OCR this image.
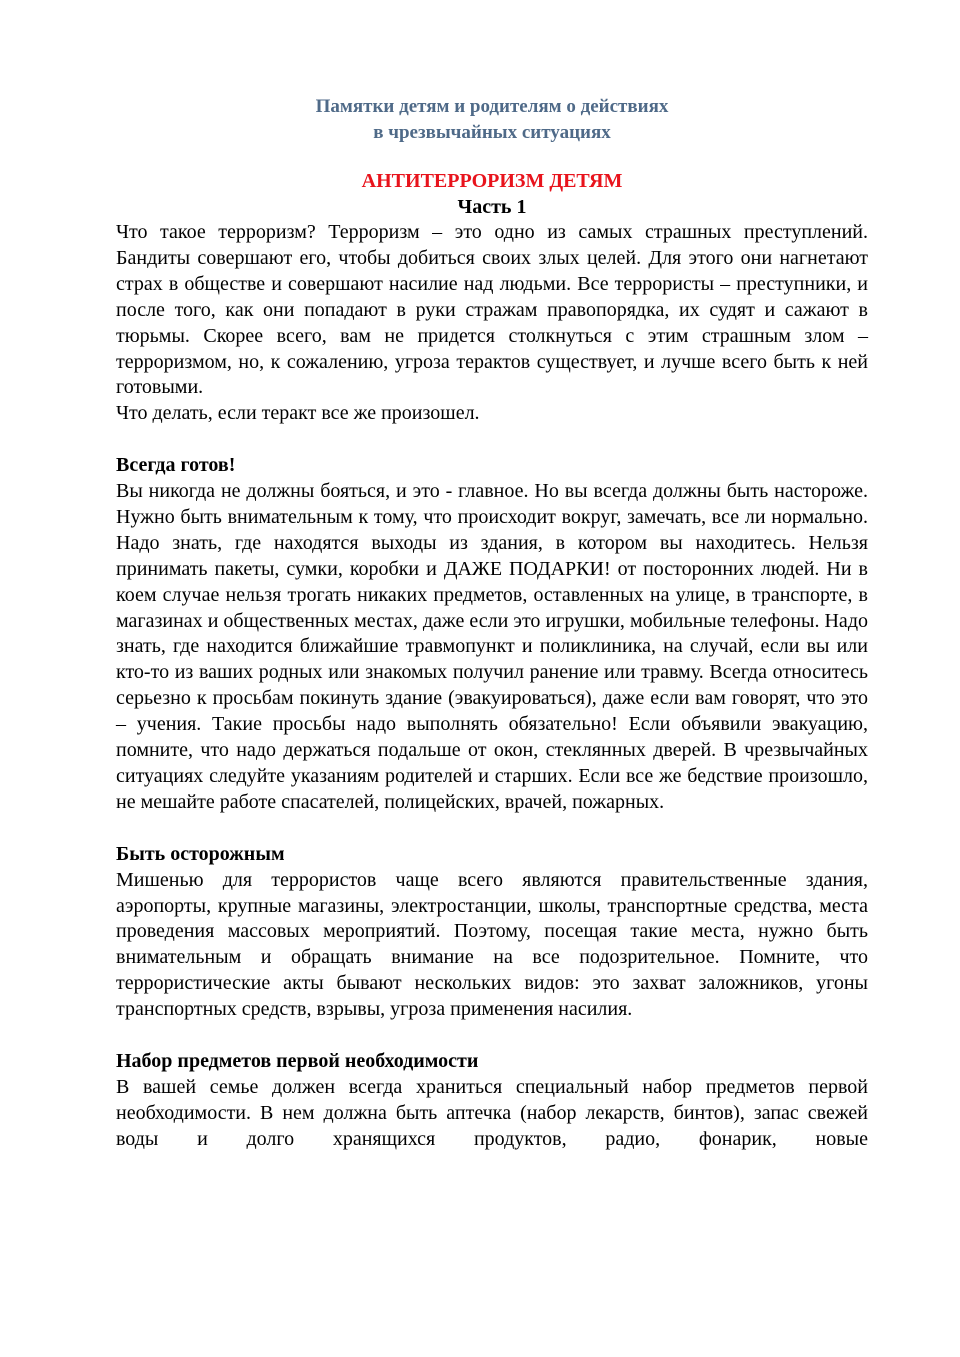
Памятки детям и родителям о действиях
в чрезвычайных ситуациях
АНТИТЕРРОРИЗМ ДЕТЯМ
Часть 1

Что такое терроризм? Терроризм – это одно из самых страшных преступлений. Бандиты совершают его, чтобы добиться своих злых целей. Для этого они нагнетают страх в обществе и совершают насилие над людьми. Все террористы – преступники, и после того, как они попадают в руки стражам правопорядка, их судят и сажают в тюрьмы. Скорее всего, вам не придется столкнуться с этим страшным злом – терроризмом, но, к сожалению, угроза терактов существует, и лучше всего быть к ней готовыми.

Что делать, если теракт все же произошел.

Всегда готов!

Вы никогда не должны бояться, и это - главное. Но вы всегда должны быть настороже. Нужно быть внимательным к тому, что происходит вокруг, замечать, все ли нормально. Надо знать, где находятся выходы из здания, в котором вы находитесь. Нельзя принимать пакеты, сумки, коробки и ДАЖЕ ПОДАРКИ! от посторонних людей. Ни в коем случае нельзя трогать никаких предметов, оставленных на улице, в транспорте, в магазинах и общественных местах, даже если это игрушки, мобильные телефоны. Надо знать, где находится ближайшие травмопункт и поликлиника, на случай, если вы или кто-то из ваших родных или знакомых получил ранение или травму. Всегда относитесь серьезно к просьбам покинуть здание (эвакуироваться), даже если вам говорят, что это – учения. Такие просьбы надо выполнять обязательно! Если объявили эвакуацию, помните, что надо держаться подальше от окон, стеклянных дверей. В чрезвычайных ситуациях следуйте указаниям родителей и старших. Если все же бедствие произошло, не мешайте работе спасателей, полицейских, врачей, пожарных.

Быть осторожным

Мишенью для террористов чаще всего являются правительственные здания, аэропорты, крупные магазины, электростанции, школы, транспортные средства, места проведения массовых мероприятий. Поэтому, посещая такие места, нужно быть внимательным и обращать внимание на все подозрительное. Помните, что террористические акты бывают нескольких видов: это захват заложников, угоны транспортных средств, взрывы, угроза применения насилия.

Набор предметов первой необходимости

В вашей семье должен всегда храниться специальный набор предметов первой необходимости. В нем должна быть аптечка (набор лекарств, бинтов), запас свежей воды и долго хранящихся продуктов, радио, фонарик, новые
